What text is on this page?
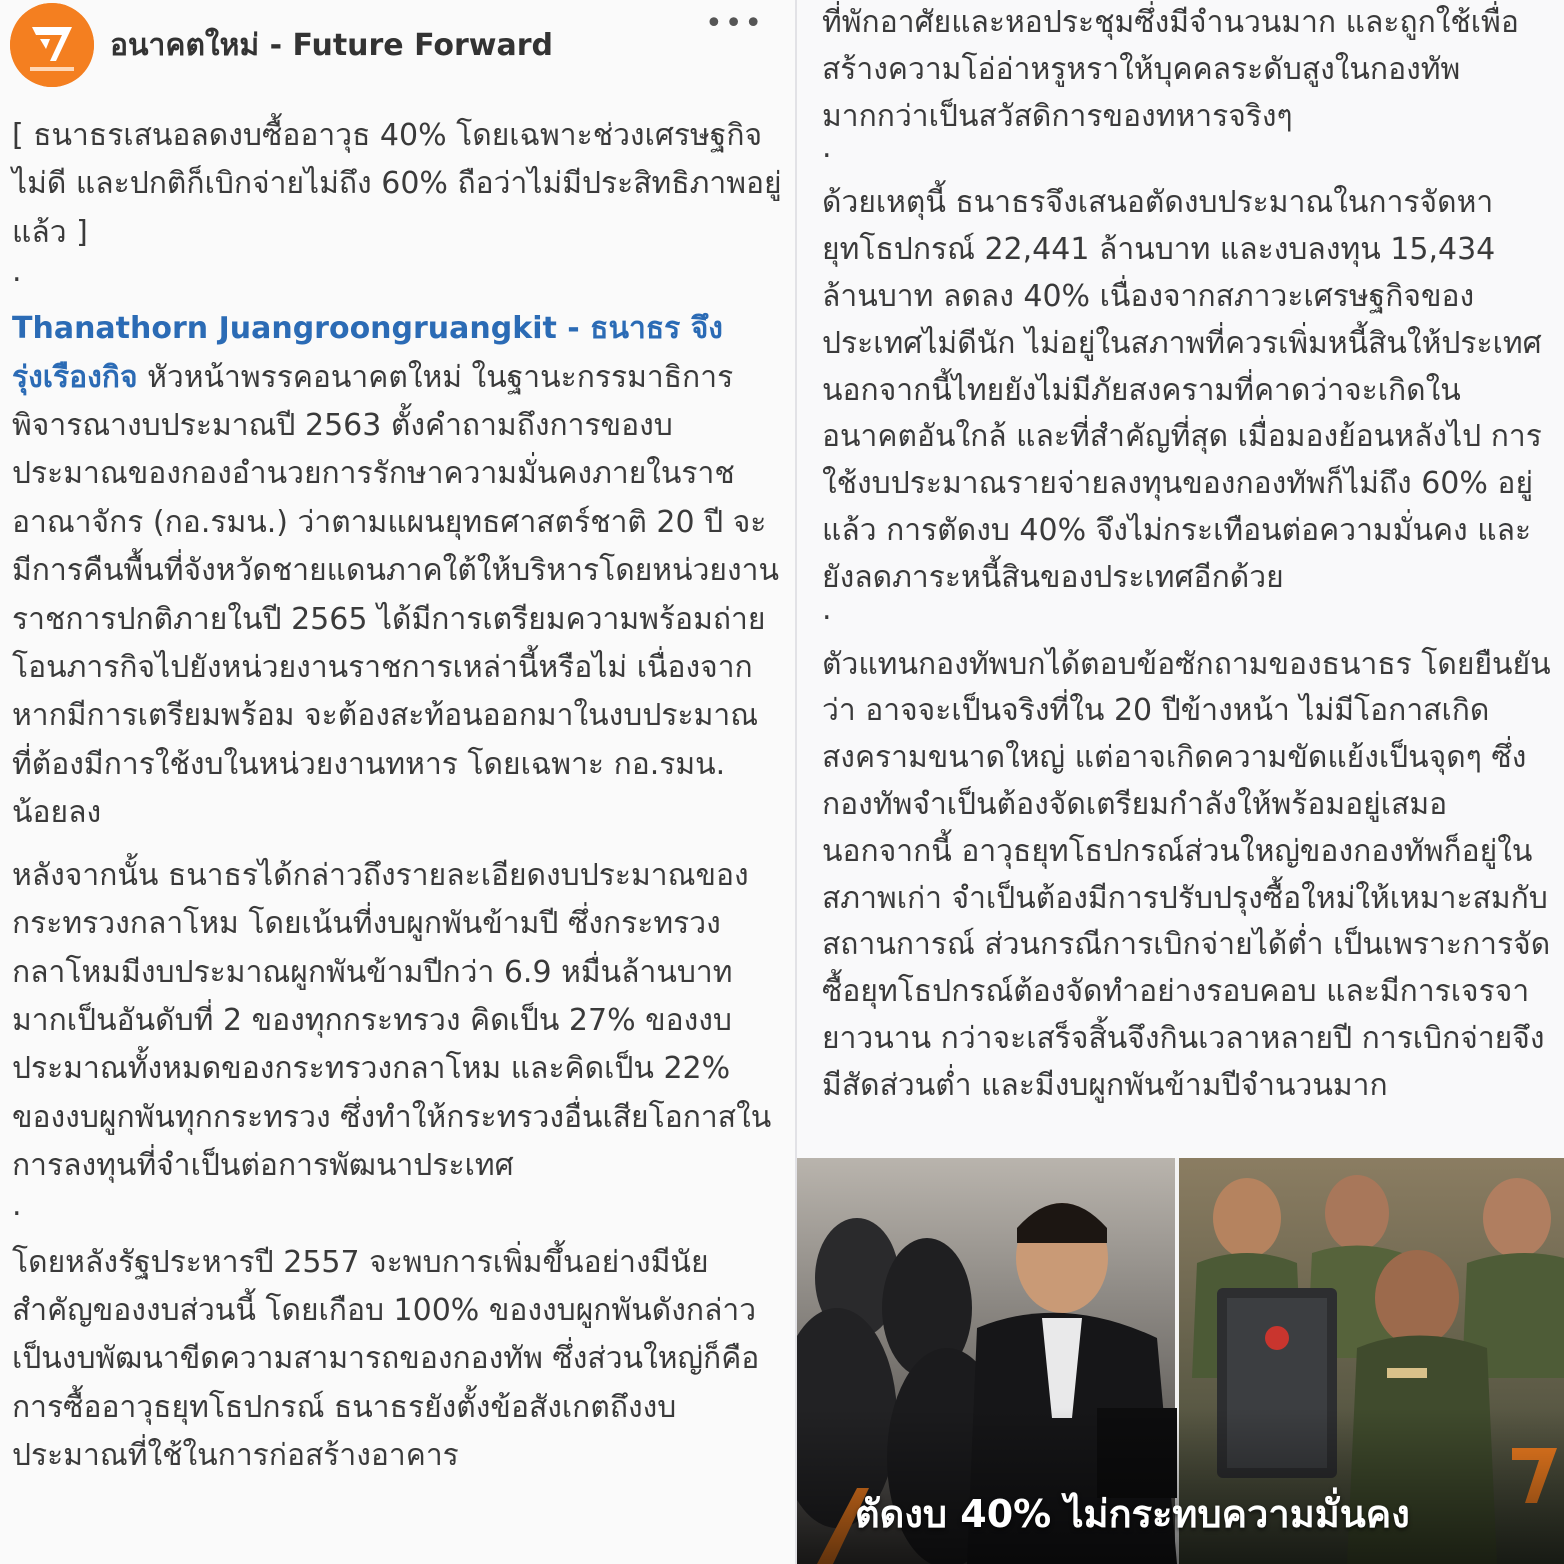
อนาคตใหม่ - Future Forward
•••

[ ธนาธรเสนอลดงบซื้ออาวุธ 40% โดยเฉพาะช่วงเศรษฐกิจไม่ดี และปกติก็เบิกจ่ายไม่ถึง 60% ถือว่าไม่มีประสิทธิภาพอยู่แล้ว ]

.

Thanathorn Juangroongruangkit - ธนาธร จึงรุ่งเรืองกิจ หัวหน้าพรรคอนาคตใหม่ ในฐานะกรรมาธิการพิจารณางบประมาณปี 2563 ตั้งคำถามถึงการของบประมาณของกองอำนวยการรักษาความมั่นคงภายในราชอาณาจักร (กอ.รมน.) ว่าตามแผนยุทธศาสตร์ชาติ 20 ปี จะมีการคืนพื้นที่จังหวัดชายแดนภาคใต้ให้บริหารโดยหน่วยงานราชการปกติภายในปี 2565 ได้มีการเตรียมความพร้อมถ่ายโอนภารกิจไปยังหน่วยงานราชการเหล่านี้หรือไม่ เนื่องจากหากมีการเตรียมพร้อม จะต้องสะท้อนออกมาในงบประมาณ ที่ต้องมีการใช้งบในหน่วยงานทหาร โดยเฉพาะ กอ.รมน. น้อยลง

หลังจากนั้น ธนาธรได้กล่าวถึงรายละเอียดงบประมาณของกระทรวงกลาโหม โดยเน้นที่งบผูกพันข้ามปี ซึ่งกระทรวงกลาโหมมีงบประมาณผูกพันข้ามปีกว่า 6.9 หมื่นล้านบาท มากเป็นอันดับที่ 2 ของทุกกระทรวง คิดเป็น 27% ของงบประมาณทั้งหมดของกระทรวงกลาโหม และคิดเป็น 22% ของงบผูกพันทุกกระทรวง ซึ่งทำให้กระทรวงอื่นเสียโอกาสในการลงทุนที่จำเป็นต่อการพัฒนาประเทศ

.

โดยหลังรัฐประหารปี 2557 จะพบการเพิ่มขึ้นอย่างมีนัยสำคัญของงบส่วนนี้ โดยเกือบ 100% ของงบผูกพันดังกล่าว เป็นงบพัฒนาขีดความสามารถของกองทัพ ซึ่งส่วนใหญ่ก็คือการซื้ออาวุธยุทโธปกรณ์ ธนาธรยังตั้งข้อสังเกตถึงงบประมาณที่ใช้ในการก่อสร้างอาคาร

ที่พักอาศัยและหอประชุมซึ่งมีจำนวนมาก และถูกใช้เพื่อสร้างความโอ่อ่าหรูหราให้บุคคลระดับสูงในกองทัพมากกว่าเป็นสวัสดิการของทหารจริงๆ

.

ด้วยเหตุนี้ ธนาธรจึงเสนอตัดงบประมาณในการจัดหายุทโธปกรณ์ 22,441 ล้านบาท และงบลงทุน 15,434 ล้านบาท ลดลง 40% เนื่องจากสภาวะเศรษฐกิจของประเทศไม่ดีนัก ไม่อยู่ในสภาพที่ควรเพิ่มหนี้สินให้ประเทศ นอกจากนี้ไทยยังไม่มีภัยสงครามที่คาดว่าจะเกิดในอนาคตอันใกล้ และที่สำคัญที่สุด เมื่อมองย้อนหลังไป การใช้งบประมาณรายจ่ายลงทุนของกองทัพก็ไม่ถึง 60% อยู่แล้ว การตัดงบ 40% จึงไม่กระเทือนต่อความมั่นคง และยังลดภาระหนี้สินของประเทศอีกด้วย

.

ตัวแทนกองทัพบกได้ตอบข้อซักถามของธนาธร โดยยืนยันว่า อาจจะเป็นจริงที่ใน 20 ปีข้างหน้า ไม่มีโอกาสเกิดสงครามขนาดใหญ่ แต่อาจเกิดความขัดแย้งเป็นจุดๆ ซึ่งกองทัพจำเป็นต้องจัดเตรียมกำลังให้พร้อมอยู่เสมอ นอกจากนี้ อาวุธยุทโธปกรณ์ส่วนใหญ่ของกองทัพก็อยู่ในสภาพเก่า จำเป็นต้องมีการปรับปรุงซื้อใหม่ให้เหมาะสมกับสถานการณ์ ส่วนกรณีการเบิกจ่ายได้ต่ำ เป็นเพราะการจัดซื้อยุทโธปกรณ์ต้องจัดทำอย่างรอบคอบ และมีการเจรจายาวนาน กว่าจะเสร็จสิ้นจึงกินเวลาหลายปี การเบิกจ่ายจึงมีสัดส่วนต่ำ และมีงบผูกพันข้ามปีจำนวนมาก

ตัดงบ 40% ไม่กระทบความมั่นคง
